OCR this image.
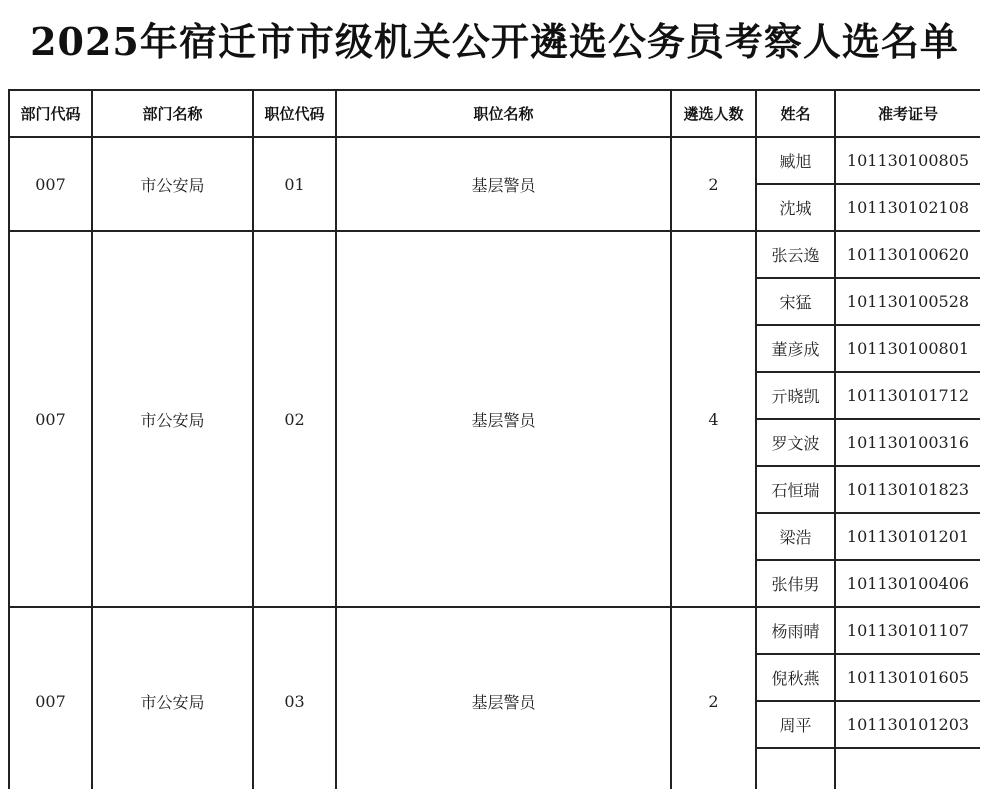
2025年宿迁市市级机关公开遴选公务员考察人选名单
部门代码	部门名称	职位代码	职位名称	遴选人数	姓名	准考证号
007	市公安局	01	基层警员	2	臧旭	101130100805
					沈城	101130102108
007	市公安局	02	基层警员	4	张云逸	101130100620
					宋猛	101130100528
					董彦成	101130100801
					亓晓凯	101130101712
					罗文波	101130100316
					石恒瑞	101130101823
					梁浩	101130101201
					张伟男	101130100406
007	市公安局	03	基层警员	2	杨雨晴	101130101107
					倪秋燕	101130101605
					周平	101130101203
